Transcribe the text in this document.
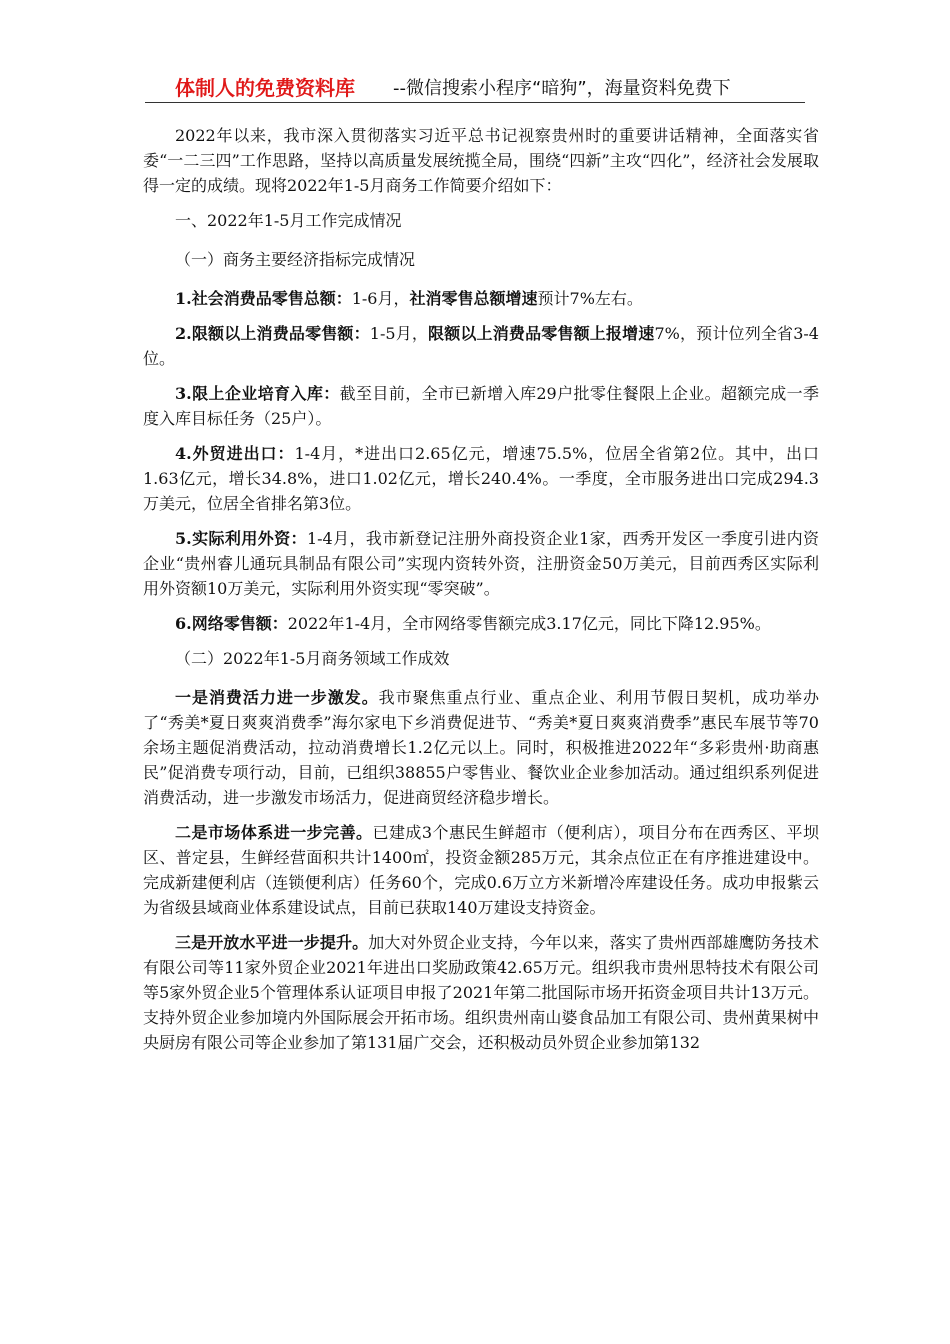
体制人的免费资料库 --微信搜索小程序“暗狗”，海量资料免费下

2022年以来，我市深入贯彻落实习近平总书记视察贵州时的重要讲话精神，全面落实省委“一二三四”工作思路，坚持以高质量发展统揽全局，围绕“四新”主攻“四化”，经济社会发展取得一定的成绩。现将2022年1-5月商务工作简要介绍如下：

一、2022年1-5月工作完成情况

（一）商务主要经济指标完成情况

1.社会消费品零售总额：1-6月，社消零售总额增速预计7%左右。

2.限额以上消费品零售额：1-5月，限额以上消费品零售额上报增速7%，预计位列全省3-4位。

3.限上企业培育入库：截至目前，全市已新增入库29户批零住餐限上企业。超额完成一季度入库目标任务（25户）。

4.外贸进出口：1-4月，*进出口2.65亿元，增速75.5%，位居全省第2位。其中，出口1.63亿元，增长34.8%，进口1.02亿元，增长240.4%。一季度，全市服务进出口完成294.3万美元，位居全省排名第3位。

5.实际利用外资：1-4月，我市新登记注册外商投资企业1家，西秀开发区一季度引进内资企业“贵州睿儿通玩具制品有限公司”实现内资转外资，注册资金50万美元，目前西秀区实际利用外资额10万美元，实际利用外资实现“零突破”。

6.网络零售额：2022年1-4月，全市网络零售额完成3.17亿元，同比下降12.95%。

（二）2022年1-5月商务领域工作成效

一是消费活力进一步激发。我市聚焦重点行业、重点企业、利用节假日契机，成功举办了“秀美*夏日爽爽消费季”海尔家电下乡消费促进节、“秀美*夏日爽爽消费季”惠民车展节等70余场主题促消费活动，拉动消费增长1.2亿元以上。同时，积极推进2022年“多彩贵州·助商惠民”促消费专项行动，目前，已组织38855户零售业、餐饮业企业参加活动。通过组织系列促进消费活动，进一步激发市场活力，促进商贸经济稳步增长。

二是市场体系进一步完善。已建成3个惠民生鲜超市（便利店），项目分布在西秀区、平坝区、普定县，生鲜经营面积共计1400㎡，投资金额285万元，其余点位正在有序推进建设中。完成新建便利店（连锁便利店）任务60个，完成0.6万立方米新增冷库建设任务。成功申报紫云为省级县域商业体系建设试点，目前已获取140万建设支持资金。

三是开放水平进一步提升。加大对外贸企业支持，今年以来，落实了贵州西部雄鹰防务技术有限公司等11家外贸企业2021年进出口奖励政策42.65万元。组织我市贵州思特技术有限公司等5家外贸企业5个管理体系认证项目申报了2021年第二批国际市场开拓资金项目共计13万元。支持外贸企业参加境内外国际展会开拓市场。组织贵州南山婆食品加工有限公司、贵州黄果树中央厨房有限公司等企业参加了第131届广交会，还积极动员外贸企业参加第132
